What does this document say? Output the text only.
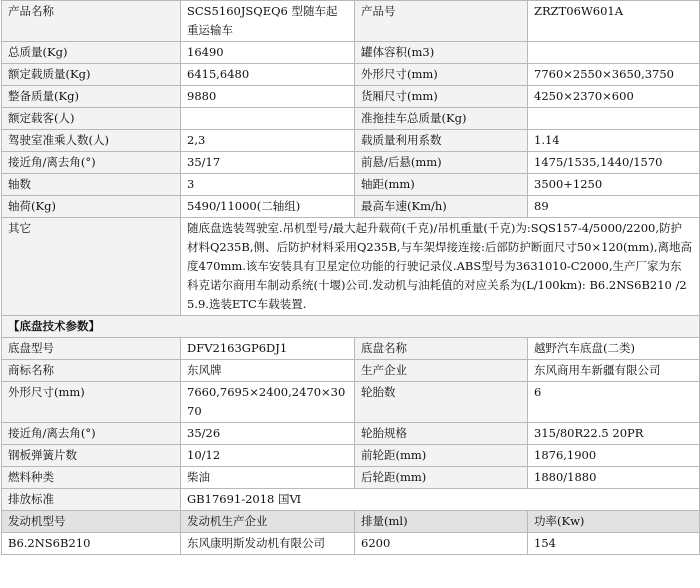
产品名称	SCS5160JSQEQ6 型随车起重运输车	产品号	ZRZT06W601A
总质量(Kg)	16490	罐体容积(m3)	
额定载质量(Kg)	6415,6480	外形尺寸(mm)	7760×2550×3650,3750
整备质量(Kg)	9880	货厢尺寸(mm)	4250×2370×600
额定载客(人)		准拖挂车总质量(Kg)	
驾驶室准乘人数(人)	2,3	载质量利用系数	1.14
接近角/离去角(°)	35/17	前悬/后悬(mm)	1475/1535,1440/1570
轴数	3	轴距(mm)	3500+1250
轴荷(Kg)	5490/11000(二轴组)	最高车速(Km/h)	89
其它	随底盘选装驾驶室.吊机型号/最大起升载荷(千克)/吊机重量(千克)为:SQS157-4/5000/2200,防护材料Q235B,侧、后防护材料采用Q235B,与车架焊接连接:后部防护断面尺寸50×120(mm),离地高度470mm.该车安装具有卫星定位功能的行驶记录仪.ABS型号为3631010-C2000,生产厂家为东科克诺尔商用车制动系统(十堰)公司.发动机与油耗值的对应关系为(L/100km): B6.2NS6B210 /25.9.选装ETC车载装置.		
【底盘技术参数】			
底盘型号	DFV2163GP6DJ1	底盘名称	越野汽车底盘(二类)
商标名称	东风牌	生产企业	东风商用车新疆有限公司
外形尺寸(mm)	7660,7695×2400,2470×3070	轮胎数	6
接近角/离去角(°)	35/26	轮胎规格	315/80R22.5 20PR
钢板弹簧片数	10/12	前轮距(mm)	1876,1900
燃料种类	柴油	后轮距(mm)	1880/1880
排放标准	GB17691-2018 国Ⅵ		
发动机型号	发动机生产企业	排量(ml)	功率(Kw)
B6.2NS6B210	东风康明斯发动机有限公司	6200	154
